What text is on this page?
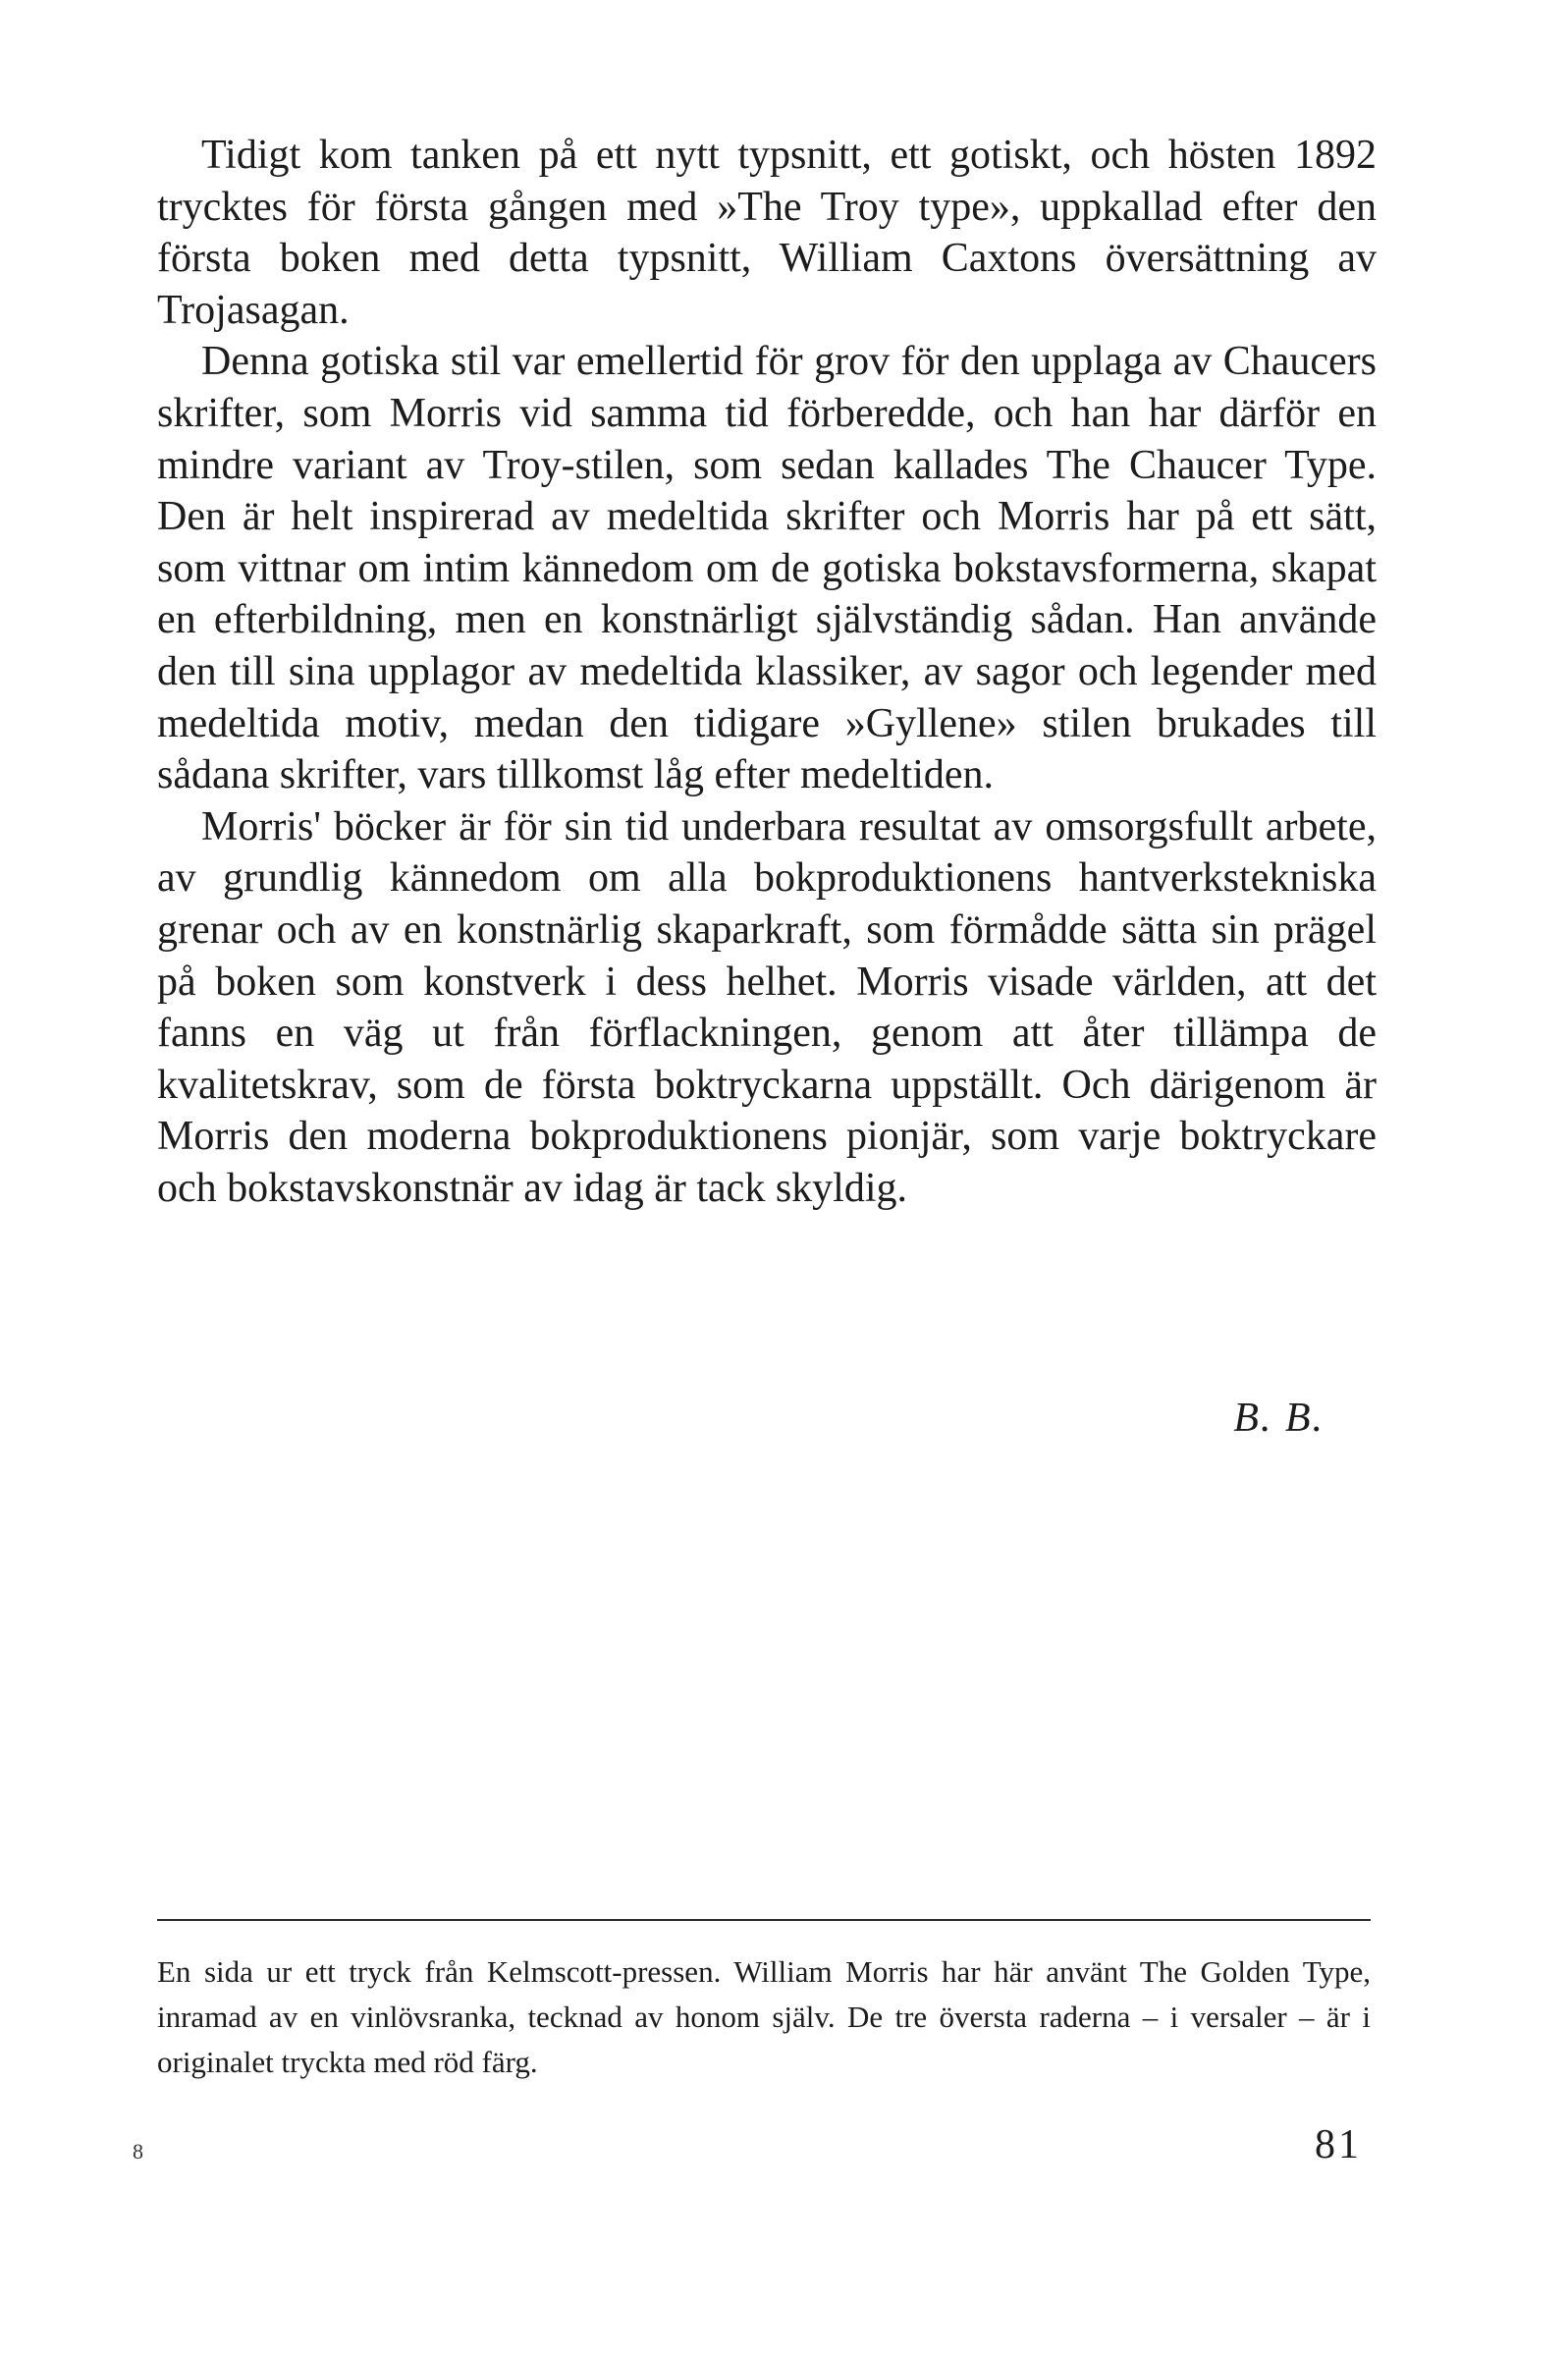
Tidigt kom tanken på ett nytt typsnitt, ett gotiskt, och hösten 1892 trycktes för första gången med »The Troy type», uppkallad efter den första boken med detta typsnitt, William Caxtons översättning av Trojasagan.

Denna gotiska stil var emellertid för grov för den upplaga av Chaucers skrifter, som Morris vid samma tid förberedde, och han har därför en mindre variant av Troy-stilen, som sedan kallades The Chaucer Type. Den är helt inspirerad av medeltida skrifter och Morris har på ett sätt, som vittnar om intim kännedom om de gotiska bokstavsformerna, skapat en efterbildning, men en konstnärligt självständig sådan. Han använde den till sina upplagor av medeltida klassiker, av sagor och legender med medeltida motiv, medan den tidigare »Gyllene» stilen brukades till sådana skrifter, vars tillkomst låg efter medeltiden.

Morris' böcker är för sin tid underbara resultat av omsorgsfullt arbete, av grundlig kännedom om alla bokproduktionens hantverkstekniska grenar och av en konstnärlig skaparkraft, som förmådde sätta sin prägel på boken som konstverk i dess helhet. Morris visade världen, att det fanns en väg ut från förflackningen, genom att åter tillämpa de kvalitetskrav, som de första boktryckarna uppställt. Och därigenom är Morris den moderna bokproduktionens pionjär, som varje boktryckare och bokstavskonstnär av idag är tack skyldig.

B. B.
En sida ur ett tryck från Kelmscott-pressen. William Morris har här använt The Golden Type, inramad av en vinlövsranka, tecknad av honom själv. De tre översta raderna – i versaler – är i originalet tryckta med röd färg.
8	81
